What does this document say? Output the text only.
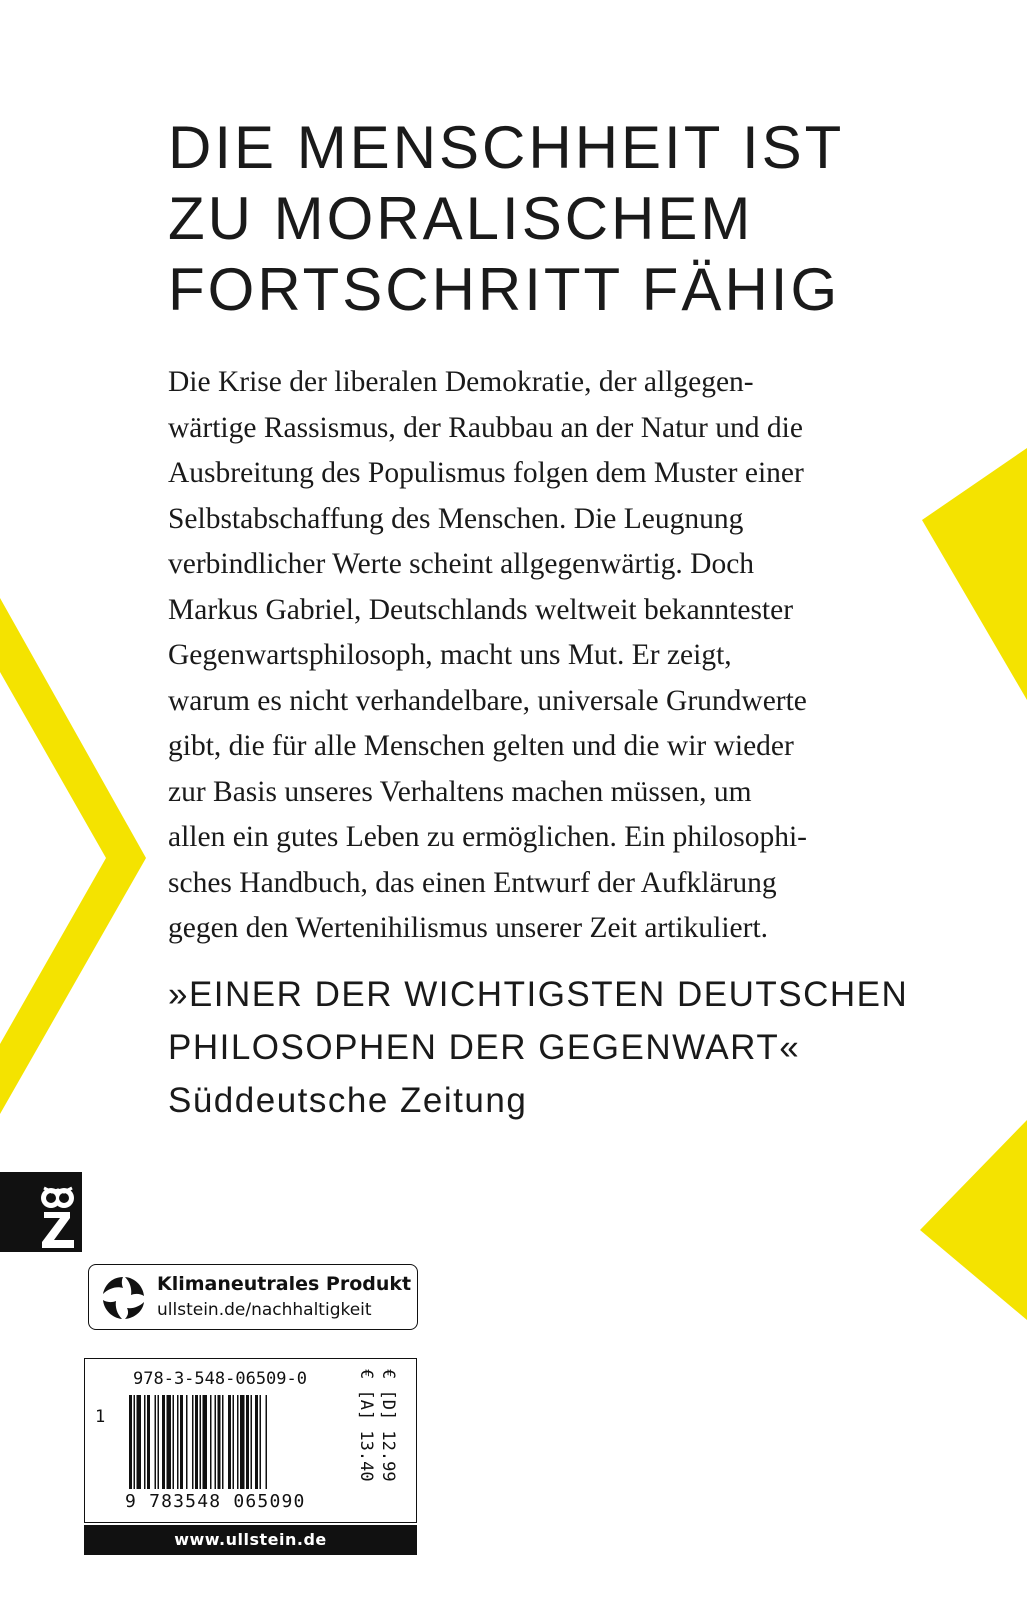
DIE MENSCHHEIT IST
ZU MORALISCHEM
FORTSCHRITT FÄHIG
Die Krise der liberalen Demokratie, der allgegen-
wärtige Rassismus, der Raubbau an der Natur und die
Ausbreitung des Populismus folgen dem Muster einer
Selbstabschaffung des Menschen. Die Leugnung
verbindlicher Werte scheint allgegenwärtig. Doch
Markus Gabriel, Deutschlands weltweit bekanntester
Gegenwartsphilosoph, macht uns Mut. Er zeigt,
warum es nicht verhandelbare, universale Grundwerte
gibt, die für alle Menschen gelten und die wir wieder
zur Basis unseres Verhaltens machen müssen, um
allen ein gutes Leben zu ermöglichen. Ein philosophi-
sches Handbuch, das einen Entwurf der Aufklärung
gegen den Wertenihilismus unserer Zeit artikuliert.
»EINER DER WICHTIGSTEN DEUTSCHEN
PHILOSOPHEN DER GEGENWART«
Süddeutsche Zeitung
Klimaneutrales Produkt
ullstein.de/nachhaltigkeit
978-3-548-06509-0
1
9 783548 065090
€ [D] 12.99
€ [A] 13.40
www.ullstein.de
